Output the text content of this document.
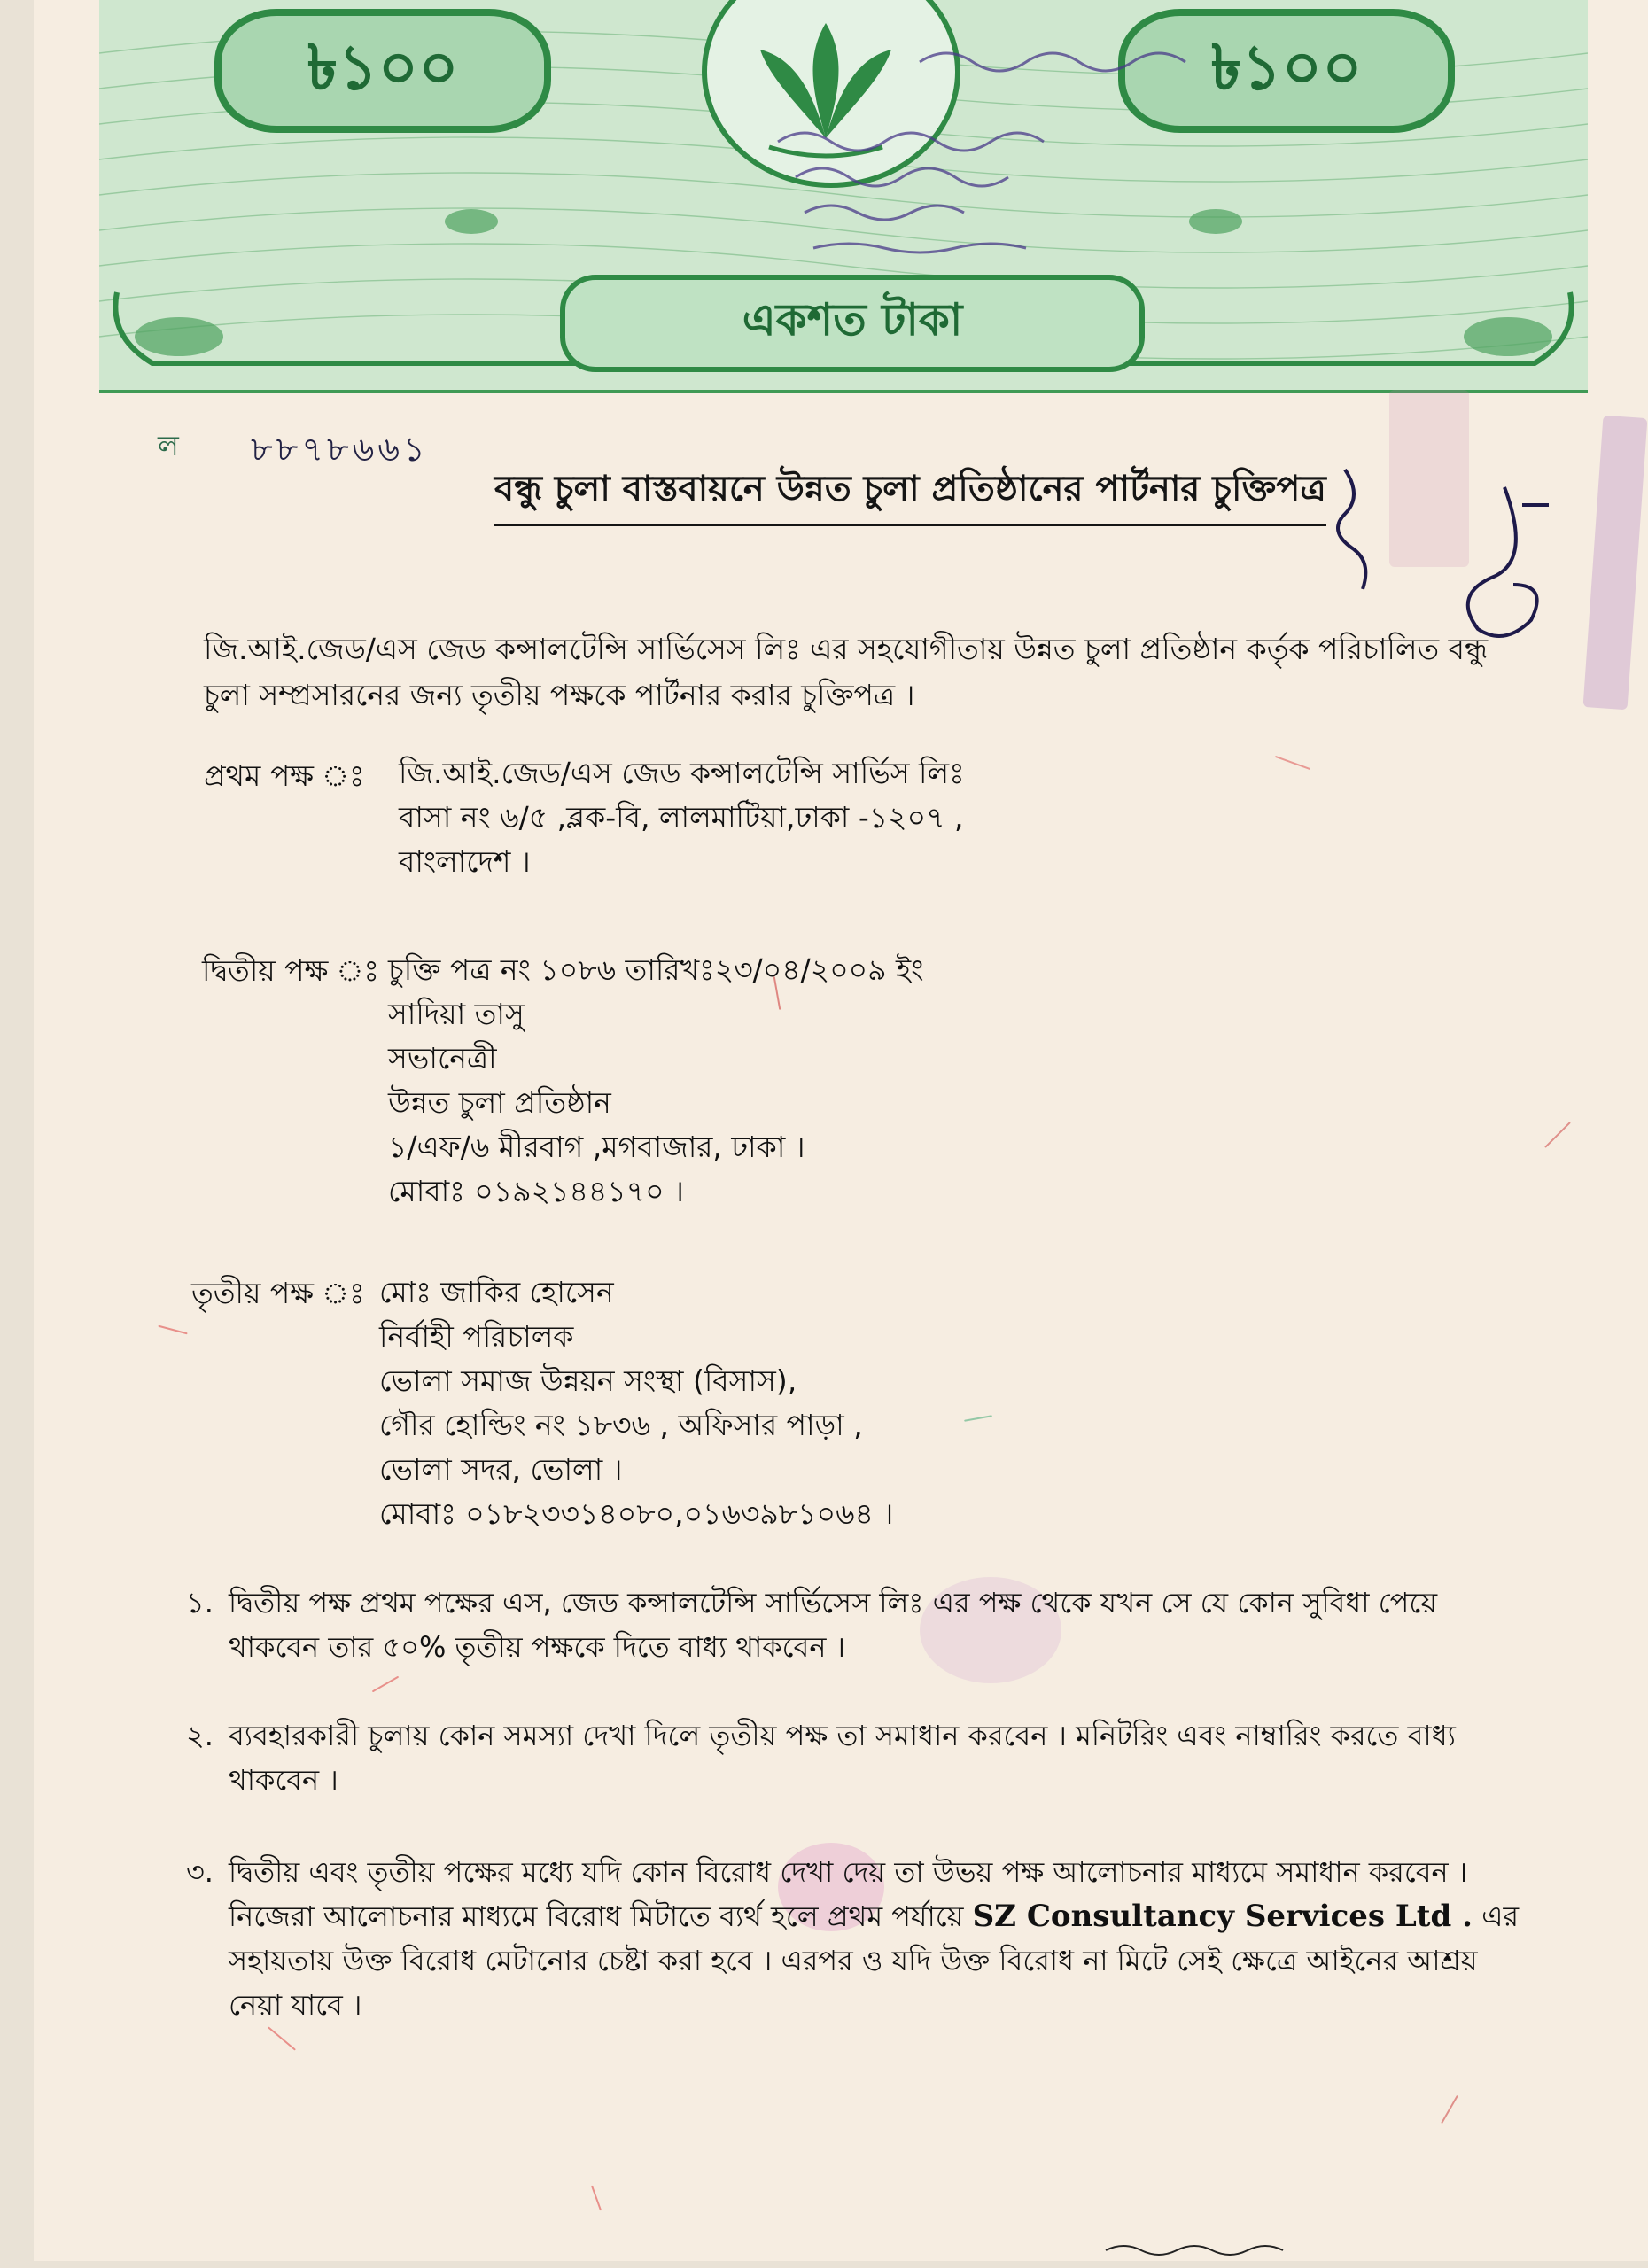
৳১০০	৳১০০
একশত টাকা
ল ৮৮৭৮৬৬১
বন্ধু চুলা বাস্তবায়নে উন্নত চুলা প্রতিষ্ঠানের পার্টনার চুক্তিপত্র
জি.আই.জেড/এস জেড কন্সালটেন্সি সার্ভিসেস লিঃ এর সহযোগীতায় উন্নত চুলা প্রতিষ্ঠান কর্তৃক পরিচালিত বন্ধু
চুলা সম্প্রসারনের জন্য তৃতীয় পক্ষকে পার্টনার করার চুক্তিপত্র ।
প্রথম পক্ষ ঃ জি.আই.জেড/এস জেড কন্সালটেন্সি সার্ভিস লিঃ
বাসা নং ৬/৫ ,ব্লক-বি, লালমাটিয়া,ঢাকা -১২০৭ ,
বাংলাদেশ ।
দ্বিতীয় পক্ষ ঃ চুক্তি পত্র নং ১০৮৬ তারিখঃ২৩/০৪/২০০৯ ইং
সাদিয়া তাসু
সভানেত্রী
উন্নত চুলা প্রতিষ্ঠান
১/এফ/৬ মীরবাগ ,মগবাজার, ঢাকা ।
মোবাঃ ০১৯২১৪৪১৭০ ।
তৃতীয় পক্ষ ঃ মোঃ জাকির হোসেন
নির্বাহী পরিচালক
ভোলা সমাজ উন্নয়ন সংস্থা (বিসাস),
গৌর হোল্ডিং নং ১৮৩৬ , অফিসার পাড়া ,
ভোলা সদর, ভোলা ।
মোবাঃ ০১৮২৩৩১৪০৮০,০১৬৩৯৮১০৬৪ ।
১. দ্বিতীয় পক্ষ প্রথম পক্ষের এস, জেড কন্সালটেন্সি সার্ভিসেস লিঃ এর পক্ষ থেকে যখন সে যে কোন সুবিধা পেয়ে
থাকবেন তার ৫০% তৃতীয় পক্ষকে দিতে বাধ্য থাকবেন ।
২. ব্যবহারকারী চুলায় কোন সমস্যা দেখা দিলে তৃতীয় পক্ষ তা সমাধান করবেন । মনিটরিং এবং নাম্বারিং করতে বাধ্য
থাকবেন ।
৩. দ্বিতীয় এবং তৃতীয় পক্ষের মধ্যে যদি কোন বিরোধ দেখা দেয় তা উভয় পক্ষ আলোচনার মাধ্যমে সমাধান করবেন ।
নিজেরা আলোচনার মাধ্যমে বিরোধ মিটাতে ব্যর্থ হলে প্রথম পর্যায়ে SZ Consultancy Services Ltd . এর
সহায়তায় উক্ত বিরোধ মেটানোর চেষ্টা করা হবে । এরপর ও যদি উক্ত বিরোধ না মিটে সেই ক্ষেত্রে আইনের আশ্রয়
নেয়া যাবে ।
